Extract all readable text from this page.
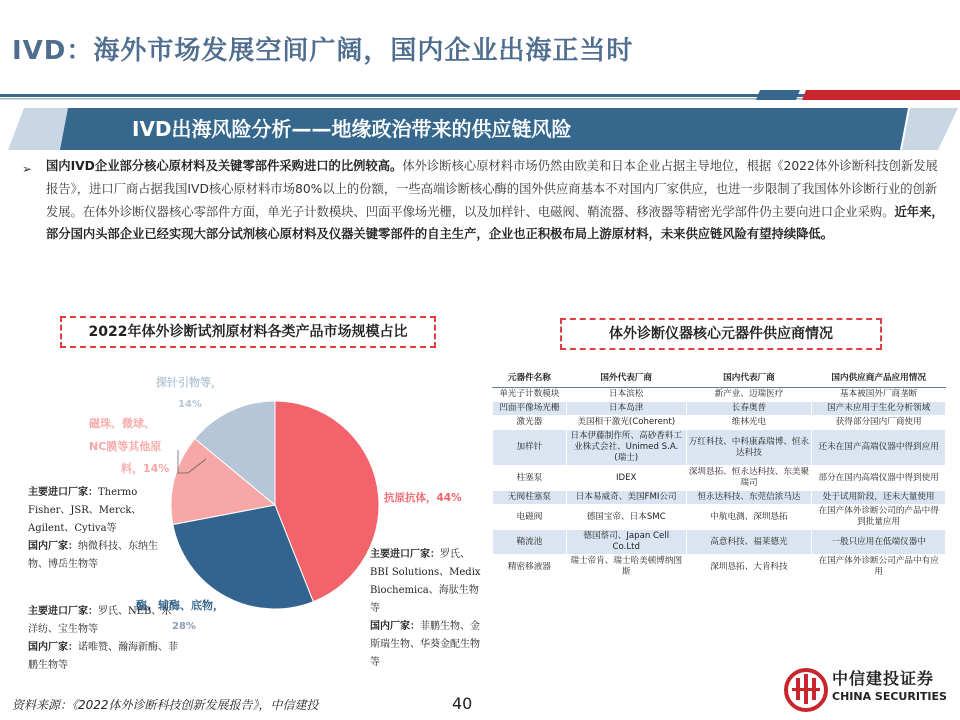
IVD：海外市场发展空间广阔，国内企业出海正当时
IVD出海风险分析——地缘政治带来的供应链风险
➢ 国内IVD企业部分核心原材料及关键零部件采购进口的比例较高。体外诊断核心原材料市场仍然由欧美和日本企业占据主导地位，根据《2022体外诊断科技创新发展报告》，进口厂商占据我国IVD核心原材料市场80%以上的份额，一些高端诊断核心酶的国外供应商基本不对国内厂家供应，也进一步限制了我国体外诊断行业的创新发展。在体外诊断仪器核心零部件方面，单光子计数模块、凹面平像场光栅，以及加样针、电磁阀、鞘流器、移液器等精密光学部件仍主要向进口企业采购。近年来，部分国内头部企业已经实现大部分试剂核心原材料及仪器关键零部件的自主生产，企业也正积极布局上游原材料，未来供应链风险有望持续降低。
2022年体外诊断试剂原材料各类产品市场规模占比	体外诊断仪器核心元器件供应商情况
抗原抗体，44%
酶、辅酶、底物，
28%
磁珠、微球、
NC膜等其他原
料，14%
探针引物等，
14%
主要进口厂家：Thermo Fisher、JSR、Merck、Agilent、Cytiva等
国内厂家：纳微科技、东纳生物、博岳生物等
主要进口厂家：罗氏、BBI Solutions、Medix Biochemica、海肽生物等
国内厂家：菲鹏生物、金斯瑞生物、华葵金配生物等
主要进口厂家：罗氏、NEB、东洋纺、宝生物等
国内厂家：诺唯赞、瀚海新酶、菲鹏生物等
元器件名称	国外代表厂商	国内代表厂商	国内供应商产品应用情况
单光子计数模块	日本滨松	新产业、迈瑞医疗	基本被国外厂商垄断
凹面平像场光栅	日本岛津	长春奥普	国产未应用于生化分析领域
激光器	美国相干激光(Coherent)	维林光电	获得部分国内厂商使用
加样针	日本伊藤制作所、高砂香料工业株式会社、Unimed S.A.(瑞士)	万红科技、中科康森瑞博、恒永达科技	还未在国产高端仪器中得到应用
柱塞泵	IDEX	深圳恳拓、恒永达科技、东美聚瑞司	部分在国内高端仪器中得到使用
无阀柱塞泵	日本易威奇、美国FMI公司	恒永达科技、东莞信浓马达	处于试用阶段，还未大量使用
电磁阀	德国宝帝、日本SMC	中航电测、深圳恳拓	在国产体外诊断公司的产品中得到批量应用
鞘流池	德国蔡司、Japan Cell Co.Ltd	高意科技、福莱德光	一般只应用在低端仪器中
精密移液器	瑞士帝肯、瑞士哈美顿博纳图斯	深圳恳拓、大肯科技	在国产体外诊断公司产品中有应用
资料来源：《2022体外诊断科技创新发展报告》，中信建投	40
中信建投证券
CHINA SECURITIES
